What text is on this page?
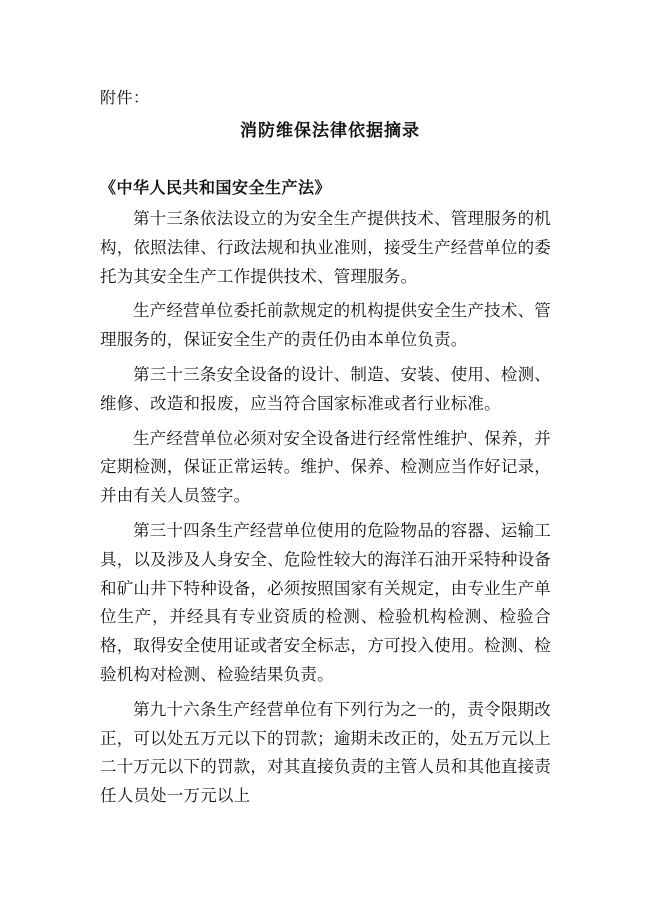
附件：
消防维保法律依据摘录
《中华人民共和国安全生产法》

第十三条依法设立的为安全生产提供技术、管理服务的机构，依照法律、行政法规和执业准则，接受生产经营单位的委托为其安全生产工作提供技术、管理服务。

生产经营单位委托前款规定的机构提供安全生产技术、管理服务的，保证安全生产的责任仍由本单位负责。

第三十三条安全设备的设计、制造、安装、使用、检测、维修、改造和报废，应当符合国家标准或者行业标准。

生产经营单位必须对安全设备进行经常性维护、保养，并定期检测，保证正常运转。维护、保养、检测应当作好记录，并由有关人员签字。

第三十四条生产经营单位使用的危险物品的容器、运输工具，以及涉及人身安全、危险性较大的海洋石油开采特种设备和矿山井下特种设备，必须按照国家有关规定，由专业生产单位生产，并经具有专业资质的检测、检验机构检测、检验合格，取得安全使用证或者安全标志，方可投入使用。检测、检验机构对检测、检验结果负责。

第九十六条生产经营单位有下列行为之一的，责令限期改正，可以处五万元以下的罚款；逾期未改正的，处五万元以上二十万元以下的罚款，对其直接负责的主管人员和其他直接责任人员处一万元以上
